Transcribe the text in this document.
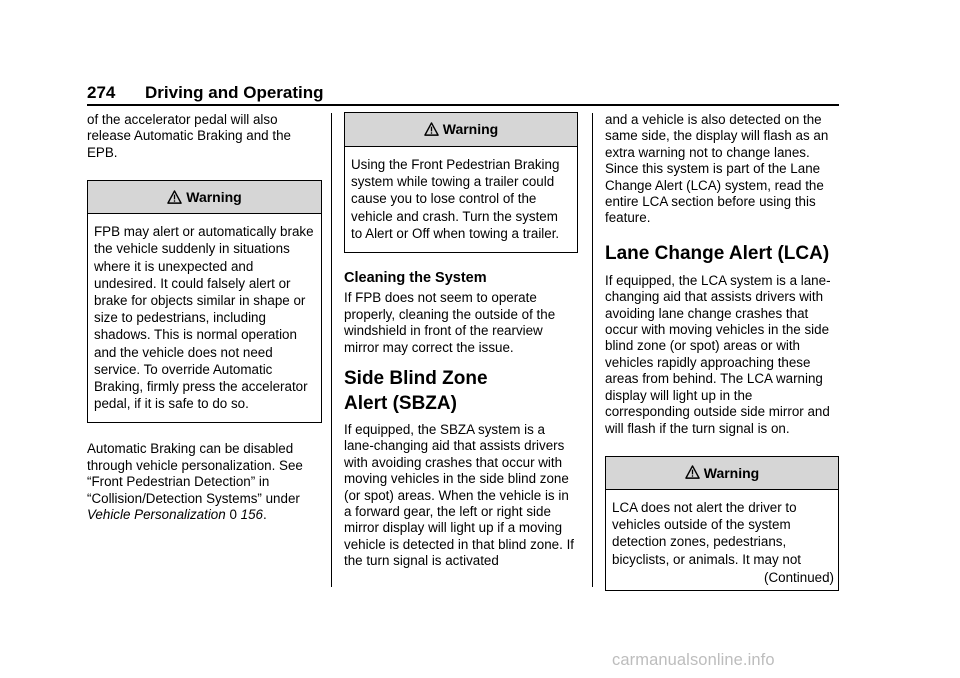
274 Driving and Operating

of the accelerator pedal will also release Automatic Braking and the EPB.

Warning
FPB may alert or automatically brake the vehicle suddenly in situations where it is unexpected and undesired. It could falsely alert or brake for objects similar in shape or size to pedestrians, including shadows. This is normal operation and the vehicle does not need service. To override Automatic Braking, firmly press the accelerator pedal, if it is safe to do so.

Automatic Braking can be disabled through vehicle personalization. See “Front Pedestrian Detection” in “Collision/Detection Systems” under Vehicle Personalization 0 156.

Warning
Using the Front Pedestrian Braking system while towing a trailer could cause you to lose control of the vehicle and crash. Turn the system to Alert or Off when towing a trailer.

Cleaning the System

If FPB does not seem to operate properly, cleaning the outside of the windshield in front of the rearview mirror may correct the issue.

Side Blind Zone
Alert (SBZA)

If equipped, the SBZA system is a lane-changing aid that assists drivers with avoiding crashes that occur with moving vehicles in the side blind zone (or spot) areas. When the vehicle is in a forward gear, the left or right side mirror display will light up if a moving vehicle is detected in that blind zone. If the turn signal is activated

and a vehicle is also detected on the same side, the display will flash as an extra warning not to change lanes. Since this system is part of the Lane Change Alert (LCA) system, read the entire LCA section before using this feature.

Lane Change Alert (LCA)

If equipped, the LCA system is a lane-changing aid that assists drivers with avoiding lane change crashes that occur with moving vehicles in the side blind zone (or spot) areas or with vehicles rapidly approaching these areas from behind. The LCA warning display will light up in the corresponding outside side mirror and will flash if the turn signal is on.

Warning
LCA does not alert the driver to vehicles outside of the system detection zones, pedestrians, bicyclists, or animals. It may not
(Continued)
carmanualsonline.info
